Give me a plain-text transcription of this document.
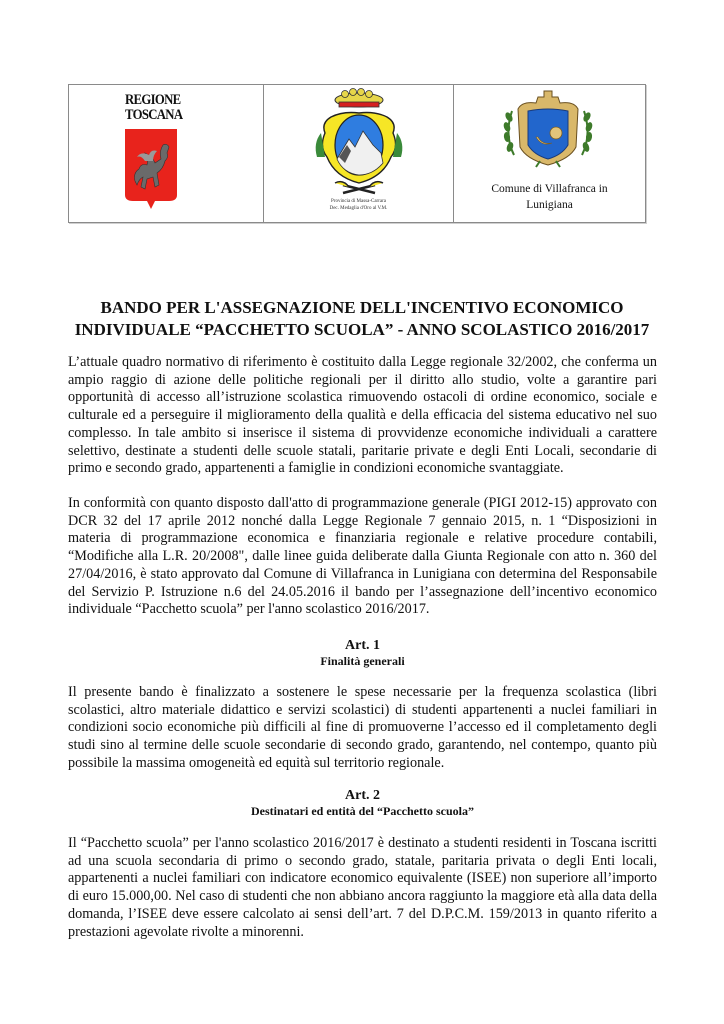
REGIONE
TOSCANA
Provincia di Massa-Carrara
Dec. Medaglia d'Oro al V.M.
Comune di Villafranca in
Lunigiana
BANDO PER L'ASSEGNAZIONE DELL'INCENTIVO ECONOMICO
INDIVIDUALE “PACCHETTO SCUOLA” - ANNO SCOLASTICO 2016/2017

L’attuale quadro normativo di riferimento è costituito dalla Legge regionale 32/2002, che conferma un ampio raggio di azione delle politiche regionali per il diritto allo studio, volte a garantire pari opportunità di accesso all’istruzione scolastica rimuovendo ostacoli di ordine economico, sociale e culturale ed a perseguire il miglioramento della qualità e della efficacia del sistema educativo nel suo complesso. In tale ambito si inserisce il sistema di provvidenze economiche individuali a carattere selettivo, destinate a studenti delle scuole statali, paritarie private e degli Enti Locali, secondarie di primo e secondo grado, appartenenti a famiglie in condizioni economiche svantaggiate.

In conformità con quanto disposto dall'atto di programmazione generale (PIGI 2012-15) approvato con DCR 32 del 17 aprile 2012 nonché dalla Legge Regionale 7 gennaio 2015, n. 1 “Disposizioni in materia di programmazione economica e finanziaria regionale e relative procedure contabili, “Modifiche alla L.R. 20/2008", dalle linee guida deliberate dalla Giunta Regionale con atto n. 360 del 27/04/2016, è stato approvato dal Comune di Villafranca in Lunigiana con determina del Responsabile del Servizio P. Istruzione n.6 del 24.05.2016 il bando per l’assegnazione dell’incentivo economico individuale “Pacchetto scuola” per l'anno scolastico 2016/2017.

Art. 1
Finalità generali

Il presente bando è finalizzato a sostenere le spese necessarie per la frequenza scolastica (libri scolastici, altro materiale didattico e servizi scolastici) di studenti appartenenti a nuclei familiari in condizioni socio economiche più difficili al fine di promuoverne l’accesso ed il completamento degli studi sino al termine delle scuole secondarie di secondo grado, garantendo, nel contempo, quanto più possibile la massima omogeneità ed equità sul territorio regionale.

Art. 2
Destinatari ed entità del “Pacchetto scuola”

Il “Pacchetto scuola” per l'anno scolastico 2016/2017 è destinato a studenti residenti in Toscana iscritti ad una scuola secondaria di primo o secondo grado, statale, paritaria privata o degli Enti locali, appartenenti a nuclei familiari con indicatore economico equivalente (ISEE) non superiore all’importo di euro 15.000,00. Nel caso di studenti che non abbiano ancora raggiunto la maggiore età alla data della domanda, l’ISEE deve essere calcolato ai sensi dell’art. 7 del D.P.C.M. 159/2013 in quanto riferito a prestazioni agevolate rivolte a minorenni.
